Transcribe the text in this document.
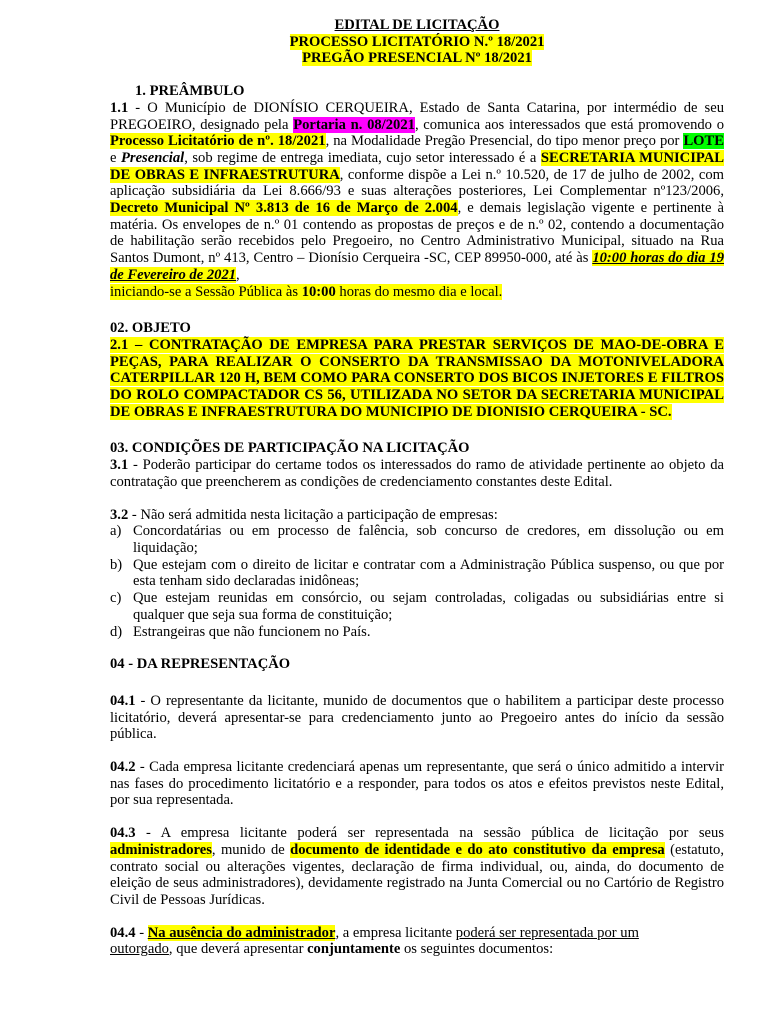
EDITAL DE LICITAÇÃO
PROCESSO LICITATÓRIO N.º 18/2021
PREGÃO PRESENCIAL Nº 18/2021
1. PREÂMBULO
1.1 - O Município de DIONÍSIO CERQUEIRA, Estado de Santa Catarina, por intermédio de seu PREGOEIRO, designado pela Portaria n. 08/2021, comunica aos interessados que está promovendo o Processo Licitatório de nº. 18/2021, na Modalidade Pregão Presencial, do tipo menor preço por LOTE e Presencial, sob regime de entrega imediata, cujo setor interessado é a SECRETARIA MUNICIPAL DE OBRAS E INFRAESTRUTURA, conforme dispõe a Lei n.º 10.520, de 17 de julho de 2002, com aplicação subsidiária da Lei 8.666/93 e suas alterações posteriores, Lei Complementar nº123/2006, Decreto Municipal Nº 3.813 de 16 de Março de 2.004, e demais legislação vigente e pertinente à matéria. Os envelopes de n.º 01 contendo as propostas de preços e de n.º 02, contendo a documentação de habilitação serão recebidos pelo Pregoeiro, no Centro Administrativo Municipal, situado na Rua Santos Dumont, nº 413, Centro – Dionísio Cerqueira -SC, CEP 89950-000, até às 10:00 horas do dia 19 de Fevereiro de 2021,
iniciando-se a Sessão Pública às 10:00 horas do mesmo dia e local.
02. OBJETO
2.1 – CONTRATAÇÃO DE EMPRESA PARA PRESTAR SERVIÇOS DE MAO-DE-OBRA E PEÇAS, PARA REALIZAR O CONSERTO DA TRANSMISSAO DA MOTONIVELADORA CATERPILLAR 120 H, BEM COMO PARA CONSERTO DOS BICOS INJETORES E FILTROS DO ROLO COMPACTADOR CS 56, UTILIZADA NO SETOR DA SECRETARIA MUNICIPAL DE OBRAS E INFRAESTRUTURA DO MUNICIPIO DE DIONISIO CERQUEIRA - SC.
03. CONDIÇÕES DE PARTICIPAÇÃO NA LICITAÇÃO
3.1 - Poderão participar do certame todos os interessados do ramo de atividade pertinente ao objeto da contratação que preencherem as condições de credenciamento constantes deste Edital.
3.2 - Não será admitida nesta licitação a participação de empresas:
a) Concordatárias ou em processo de falência, sob concurso de credores, em dissolução ou em liquidação;
b) Que estejam com o direito de licitar e contratar com a Administração Pública suspenso, ou que por esta tenham sido declaradas inidôneas;
c) Que estejam reunidas em consórcio, ou sejam controladas, coligadas ou subsidiárias entre si qualquer que seja sua forma de constituição;
d) Estrangeiras que não funcionem no País.
04 - DA REPRESENTAÇÃO
04.1 - O representante da licitante, munido de documentos que o habilitem a participar deste processo licitatório, deverá apresentar-se para credenciamento junto ao Pregoeiro antes do início da sessão pública.
04.2 - Cada empresa licitante credenciará apenas um representante, que será o único admitido a intervir nas fases do procedimento licitatório e a responder, para todos os atos e efeitos previstos neste Edital, por sua representada.
04.3 - A empresa licitante poderá ser representada na sessão pública de licitação por seus administradores, munido de documento de identidade e do ato constitutivo da empresa (estatuto, contrato social ou alterações vigentes, declaração de firma individual, ou, ainda, do documento de eleição de seus administradores), devidamente registrado na Junta Comercial ou no Cartório de Registro Civil de Pessoas Jurídicas.
04.4 - Na ausência do administrador, a empresa licitante poderá ser representada por um
outorgado, que deverá apresentar conjuntamente os seguintes documentos:
